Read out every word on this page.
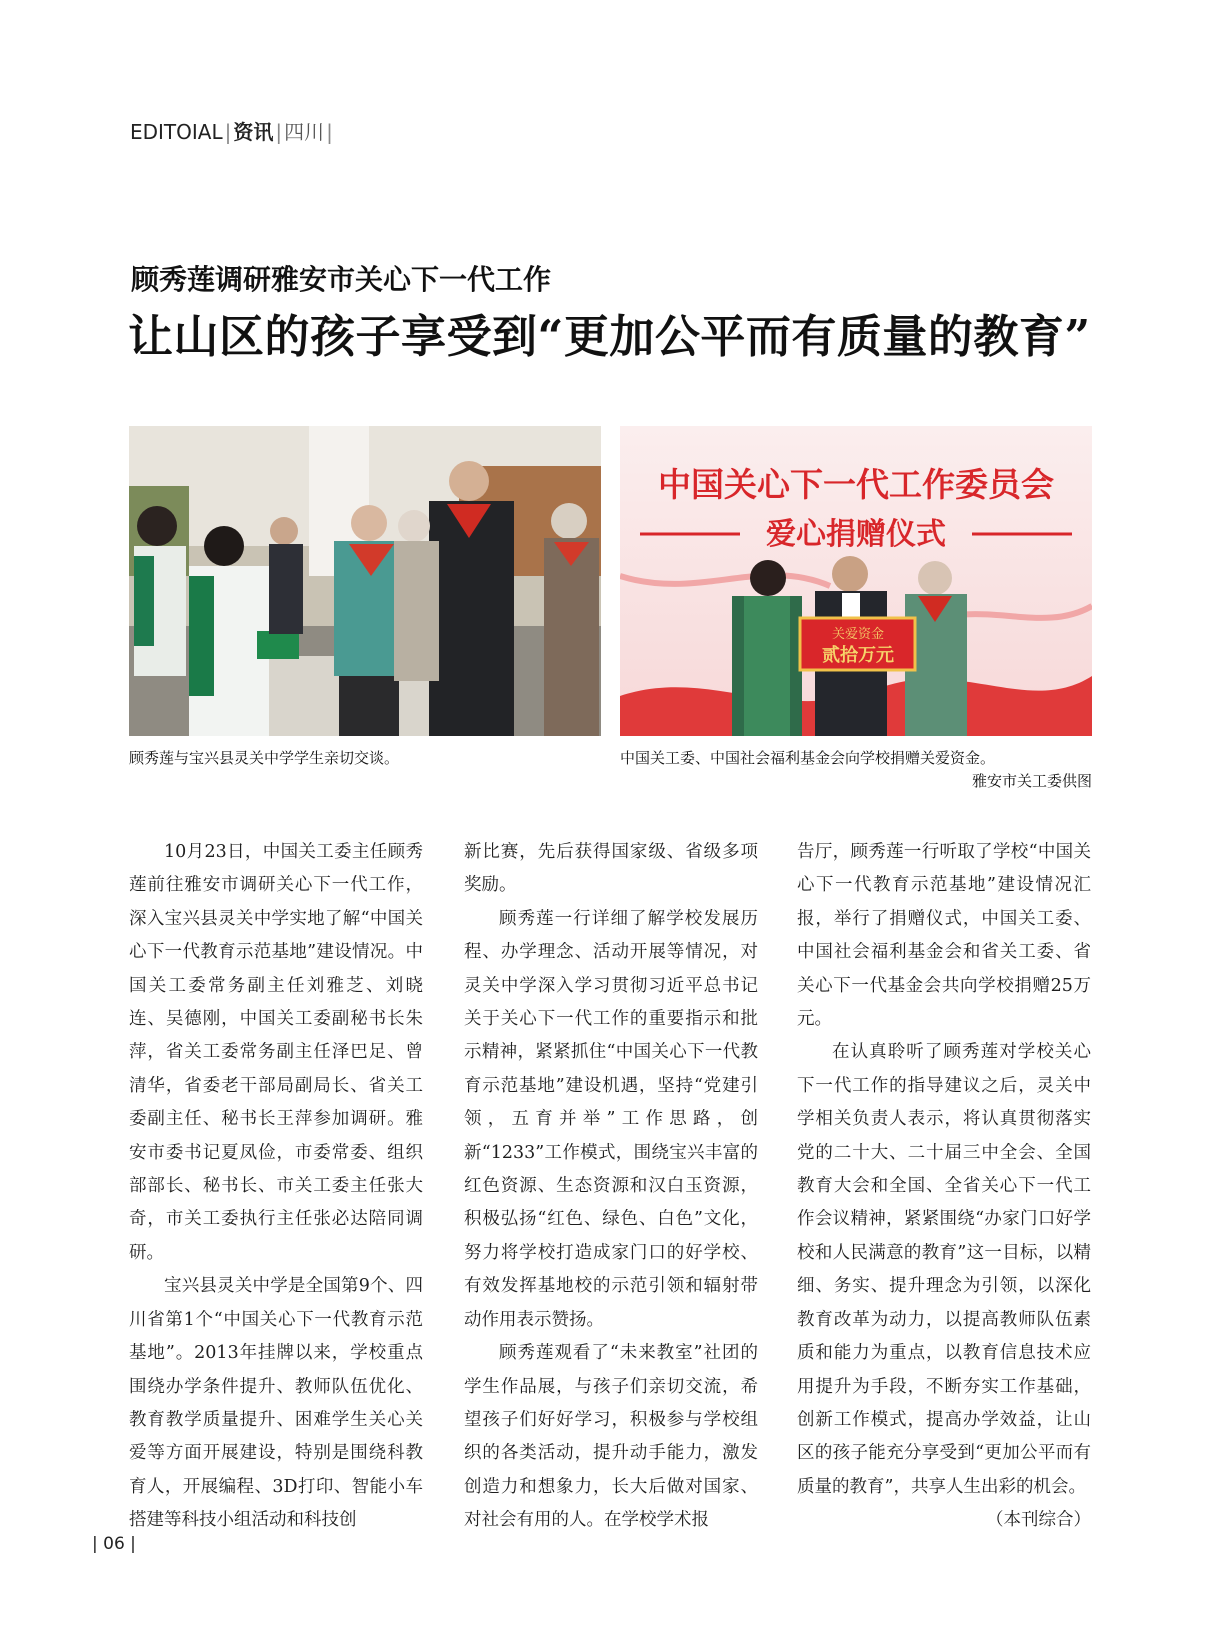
EDITOIAL | 资讯 | 四川 |
顾秀莲调研雅安市关心下一代工作
让山区的孩子享受到“更加公平而有质量的教育”
中国关心下一代工作委员会
爱心捐赠仪式
关爱资金
贰拾万元
顾秀莲与宝兴县灵关中学学生亲切交谈。	中国关工委、中国社会福利基金会向学校捐赠关爱资金。
雅安市关工委供图

10月23日，中国关工委主任顾秀莲前往雅安市调研关心下一代工作，深入宝兴县灵关中学实地了解“中国关心下一代教育示范基地”建设情况。中国关工委常务副主任刘雅芝、刘晓连、吴德刚，中国关工委副秘书长朱萍，省关工委常务副主任泽巴足、曾清华，省委老干部局副局长、省关工委副主任、秘书长王萍参加调研。雅安市委书记夏凤俭，市委常委、组织部部长、秘书长、市关工委主任张大奇，市关工委执行主任张必达陪同调研。

宝兴县灵关中学是全国第9个、四川省第1个“中国关心下一代教育示范基地”。2013年挂牌以来，学校重点围绕办学条件提升、教师队伍优化、教育教学质量提升、困难学生关心关爱等方面开展建设，特别是围绕科教育人，开展编程、3D打印、智能小车搭建等科技小组活动和科技创

新比赛，先后获得国家级、省级多项奖励。

顾秀莲一行详细了解学校发展历程、办学理念、活动开展等情况，对灵关中学深入学习贯彻习近平总书记关于关心下一代工作的重要指示和批示精神，紧紧抓住“中国关心下一代教育示范基地”建设机遇，坚持“党建引领，五育并举”工作思路，创新“1233”工作模式，围绕宝兴丰富的红色资源、生态资源和汉白玉资源，积极弘扬“红色、绿色、白色”文化，努力将学校打造成家门口的好学校、有效发挥基地校的示范引领和辐射带动作用表示赞扬。

顾秀莲观看了“未来教室”社团的学生作品展，与孩子们亲切交流，希望孩子们好好学习，积极参与学校组织的各类活动，提升动手能力，激发创造力和想象力，长大后做对国家、对社会有用的人。在学校学术报

告厅，顾秀莲一行听取了学校“中国关心下一代教育示范基地”建设情况汇报，举行了捐赠仪式，中国关工委、中国社会福利基金会和省关工委、省关心下一代基金会共向学校捐赠25万元。

在认真聆听了顾秀莲对学校关心下一代工作的指导建议之后，灵关中学相关负责人表示，将认真贯彻落实党的二十大、二十届三中全会、全国教育大会和全国、全省关心下一代工作会议精神，紧紧围绕“办家门口好学校和人民满意的教育”这一目标，以精细、务实、提升理念为引领，以深化教育改革为动力，以提高教师队伍素质和能力为重点，以教育信息技术应用提升为手段，不断夯实工作基础，创新工作模式，提高办学效益，让山区的孩子能充分享受到“更加公平而有质量的教育”，共享人生出彩的机会。
（本刊综合）

| 06 |
